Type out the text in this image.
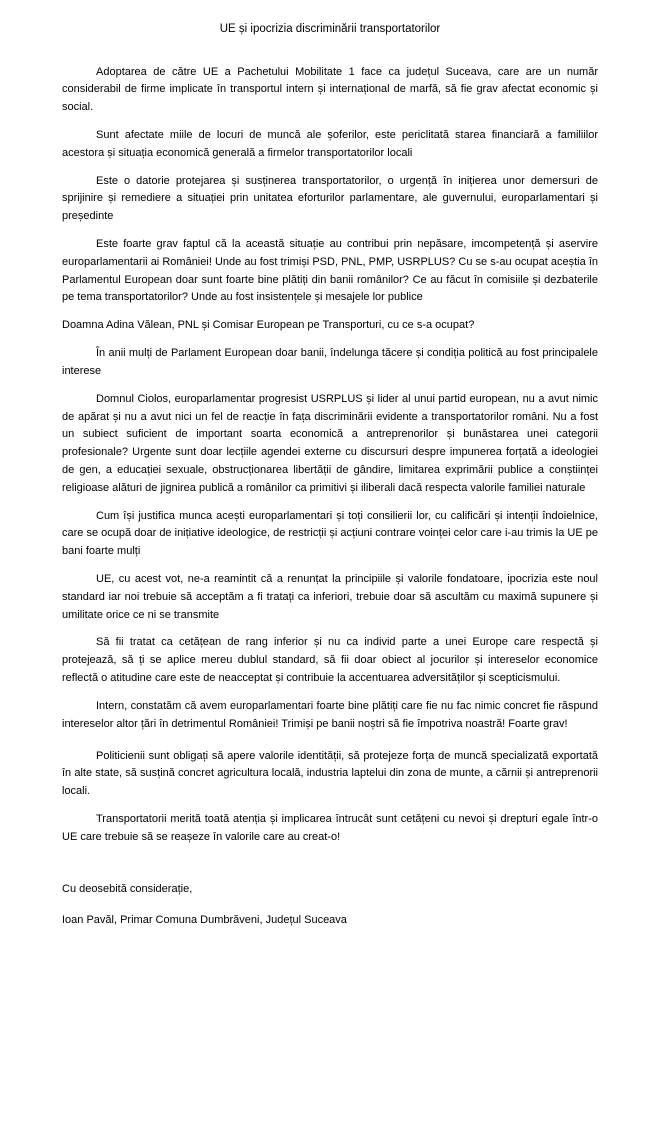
UE și ipocrizia discriminării transportatorilor

Adoptarea de către UE a Pachetului Mobilitate 1 face ca județul Suceava, care are un număr considerabil de firme implicate în transportul intern și internațional de marfă, să fie grav afectat economic și social.

Sunt afectate miile de locuri de muncă ale șoferilor, este periclitată starea financiară a familiilor acestora și situația economică generală a firmelor transportatorilor locali

Este o datorie protejarea și susținerea transportatorilor, o urgență în inițierea unor demersuri de sprijinire și remediere a situației prin unitatea eforturilor parlamentare, ale guvernului, europarlamentari și președinte

Este foarte grav faptul că la această situație au contribui prin nepăsare, imcompetență și aservire europarlamentarii ai României! Unde au fost trimiși PSD, PNL, PMP, USRPLUS? Cu se s-au ocupat aceștia în Parlamentul European doar sunt foarte bine plătiți din banii românilor? Ce au făcut în comisiile și dezbaterile pe tema transportatorilor? Unde au fost insistențele și mesajele lor publice

Doamna Adina Vălean, PNL și Comisar European pe Transporturi, cu ce s-a ocupat?

În anii mulți de Parlament European doar banii, îndelunga tăcere și condiția politică au fost principalele interese

Domnul Ciolos, europarlamentar progresist USRPLUS și lider al unui partid european, nu a avut nimic de apărat și nu a avut nici un fel de reacție în fața discriminării evidente a transportatorilor români. Nu a fost un subiect suficient de important soarta economică a antreprenorilor și bunăstarea unei categorii profesionale? Urgente sunt doar lecțiile agendei externe cu discursuri despre impunerea forțată a ideologiei de gen, a educației sexuale, obstrucționarea libertății de gândire, limitarea exprimării publice a conștiinței religioase alături de jignirea publică a românilor ca primitivi și iliberali dacă respecta valorile familiei naturale

Cum își justifica munca acești europarlamentari și toți consilierii lor, cu calificări și intenții îndoielnice, care se ocupă doar de inițiative ideologice, de restricții și acțiuni contrare voinței celor care i-au trimis la UE pe bani foarte mulți

UE, cu acest vot, ne-a reamintit că a renunțat la principiile și valorile fondatoare, ipocrizia este noul standard iar noi trebuie să acceptăm a fi tratați ca inferiori, trebuie doar să ascultăm cu maximă supunere și umilitate orice ce ni se transmite

Să fii tratat ca cetățean de rang inferior și nu ca individ parte a unei Europe care respectă și protejează, să ți se aplice mereu dublul standard, să fii doar obiect al jocurilor și intereselor economice reflectă o atitudine care este de neacceptat și contribuie la accentuarea adversităților și scepticismului.

Intern, constatăm că avem europarlamentari foarte bine plătiți care fie nu fac nimic concret fie răspund intereselor altor țări în detrimentul României! Trimiși pe banii noștri să fie împotriva noastră! Foarte grav!

Politicienii sunt obligați să apere valorile identității, să protejeze forța de muncă specializată exportată în alte state, să susțină concret agricultura locală, industria laptelui din zona de munte, a cărnii și antreprenorii locali.

Transportatorii merită toată atenția și implicarea întrucât sunt cetățeni cu nevoi și drepturi egale într-o UE care trebuie să se reașeze în valorile care au creat-o!

Cu deosebită considerație,

Ioan Pavăl, Primar Comuna Dumbrăveni, Județul Suceava
